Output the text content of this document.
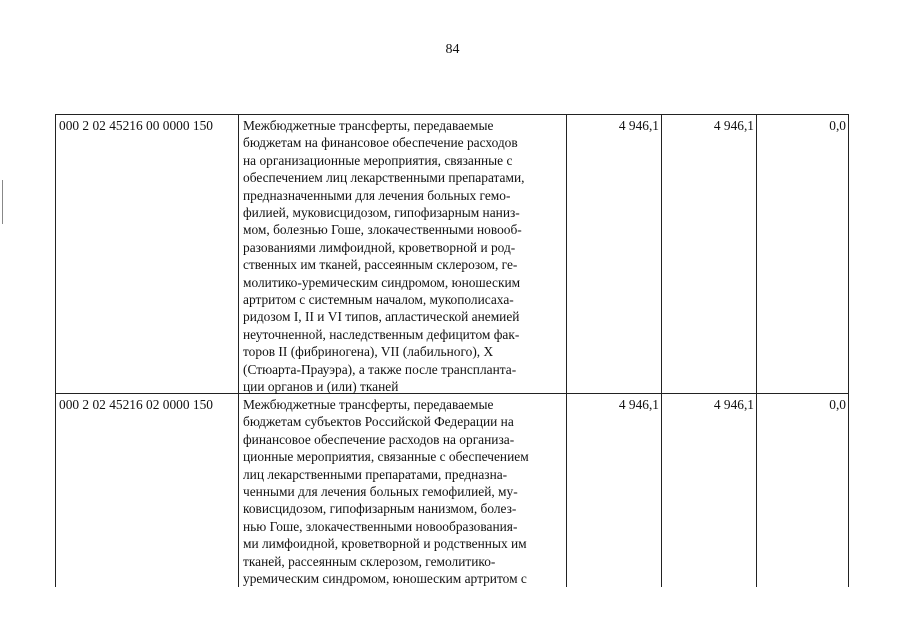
84
000 2 02 45216 00 0000 150	Межбюджетные трансферты, передаваемые
бюджетам на финансовое обеспечение расходов
на организационные мероприятия, связанные с
обеспечением лиц лекарственными препаратами,
предназначенными для лечения больных гемо-
филией, муковисцидозом, гипофизарным наниз-
мом, болезнью Гоше, злокачественными новооб-
разованиями лимфоидной, кроветворной и род-
ственных им тканей, рассеянным склерозом, ге-
молитико-уремическим синдромом, юношеским
артритом с системным началом, мукополисаха-
ридозом I, II и VI типов, апластической анемией
неуточненной, наследственным дефицитом фак-
торов II (фибриногена), VII (лабильного), X
(Стюарта-Прауэра), а также после транспланта-
ции органов и (или) тканей
4 946,1	4 946,1	0,0
000 2 02 45216 02 0000 150	Межбюджетные трансферты, передаваемые
бюджетам субъектов Российской Федерации на
финансовое обеспечение расходов на организа-
ционные мероприятия, связанные с обеспечением
лиц лекарственными препаратами, предназна-
ченными для лечения больных гемофилией, му-
ковисцидозом, гипофизарным нанизмом, болез-
нью Гоше, злокачественными новообразования-
ми лимфоидной, кроветворной и родственных им
тканей, рассеянным склерозом, гемолитико-
уремическим синдромом, юношеским артритом с
4 946,1	4 946,1	0,0
